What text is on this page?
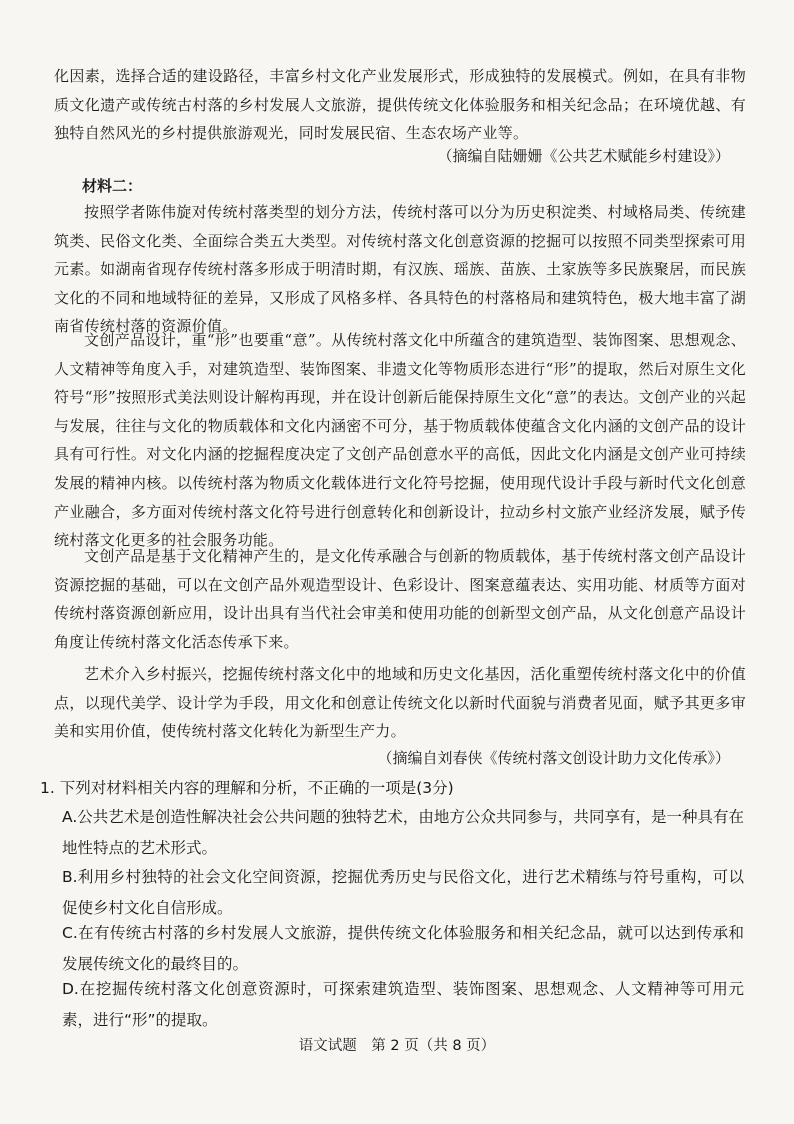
化因素，选择合适的建设路径，丰富乡村文化产业发展形式，形成独特的发展模式。例如，在具有非物质文化遗产或传统古村落的乡村发展人文旅游，提供传统文化体验服务和相关纪念品；在环境优越、有独特自然风光的乡村提供旅游观光，同时发展民宿、生态农场产业等。

（摘编自陆姗姗《公共艺术赋能乡村建设》）

材料二：

按照学者陈伟旋对传统村落类型的划分方法，传统村落可以分为历史积淀类、村域格局类、传统建筑类、民俗文化类、全面综合类五大类型。对传统村落文化创意资源的挖掘可以按照不同类型探索可用元素。如湖南省现存传统村落多形成于明清时期，有汉族、瑶族、苗族、土家族等多民族聚居，而民族文化的不同和地域特征的差异，又形成了风格多样、各具特色的村落格局和建筑特色，极大地丰富了湖南省传统村落的资源价值。

文创产品设计，重“形”也要重“意”。从传统村落文化中所蕴含的建筑造型、装饰图案、思想观念、人文精神等角度入手，对建筑造型、装饰图案、非遗文化等物质形态进行“形”的提取，然后对原生文化符号“形”按照形式美法则设计解构再现，并在设计创新后能保持原生文化“意”的表达。文创产业的兴起与发展，往往与文化的物质载体和文化内涵密不可分，基于物质载体使蕴含文化内涵的文创产品的设计具有可行性。对文化内涵的挖掘程度决定了文创产品创意水平的高低，因此文化内涵是文创产业可持续发展的精神内核。以传统村落为物质文化载体进行文化符号挖掘，使用现代设计手段与新时代文化创意产业融合，多方面对传统村落文化符号进行创意转化和创新设计，拉动乡村文旅产业经济发展，赋予传统村落文化更多的社会服务功能。

文创产品是基于文化精神产生的，是文化传承融合与创新的物质载体，基于传统村落文创产品设计资源挖掘的基础，可以在文创产品外观造型设计、色彩设计、图案意蕴表达、实用功能、材质等方面对传统村落资源创新应用，设计出具有当代社会审美和使用功能的创新型文创产品，从文化创意产品设计角度让传统村落文化活态传承下来。

艺术介入乡村振兴，挖掘传统村落文化中的地域和历史文化基因，活化重塑传统村落文化中的价值点，以现代美学、设计学为手段，用文化和创意让传统文化以新时代面貌与消费者见面，赋予其更多审美和实用价值，使传统村落文化转化为新型生产力。

（摘编自刘春侠《传统村落文创设计助力文化传承》）

1. 下列对材料相关内容的理解和分析，不正确的一项是(3分)

A.公共艺术是创造性解决社会公共问题的独特艺术，由地方公众共同参与，共同享有，是一种具有在地性特点的艺术形式。

B.利用乡村独特的社会文化空间资源，挖掘优秀历史与民俗文化，进行艺术精练与符号重构，可以促使乡村文化自信形成。

C.在有传统古村落的乡村发展人文旅游，提供传统文化体验服务和相关纪念品，就可以达到传承和发展传统文化的最终目的。

D.在挖掘传统村落文化创意资源时，可探索建筑造型、装饰图案、思想观念、人文精神等可用元素，进行“形”的提取。

语文试题　第 2 页（共 8 页）
